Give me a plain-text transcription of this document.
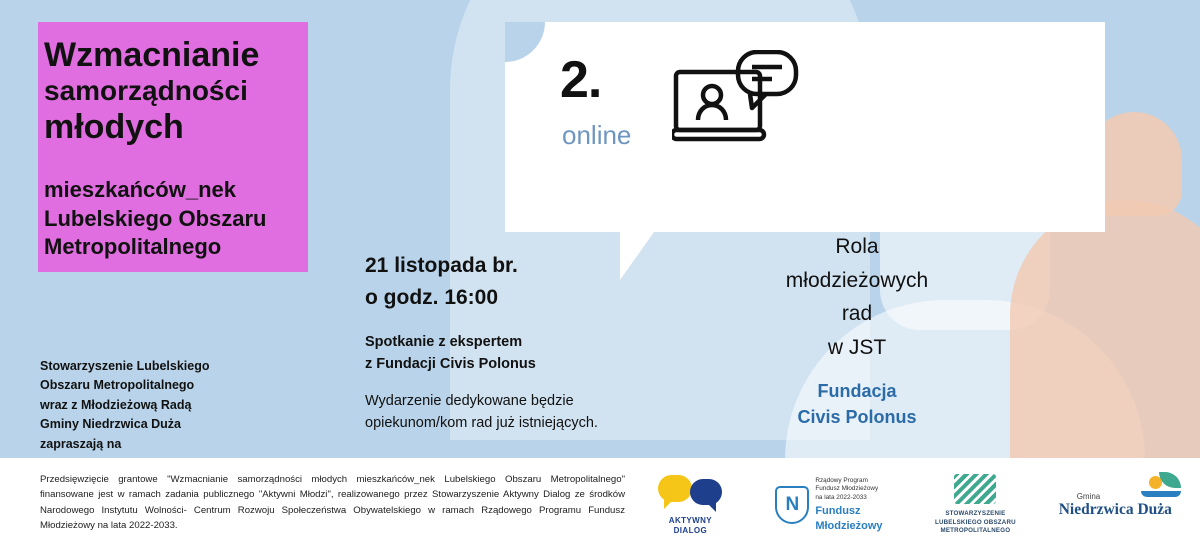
2.
online
Wzmacnianie
samorządności
młodych
mieszkańców_nek
Lubelskiego Obszaru
Metropolitalnego
Stowarzyszenie Lubelskiego
Obszaru Metropolitalnego
wraz z Młodzieżową Radą
Gminy Niedrzwica Duża
zapraszają na
21 listopada br.
o godz. 16:00
Spotkanie z ekspertem
z Fundacji Civis Polonus
Wydarzenie dedykowane będzie
opiekunom/kom rad już istniejących.
Rola
młodzieżowych
rad
w JST
Fundacja
Civis Polonus
Przedsięwzięcie grantowe "Wzmacnianie samorządności młodych mieszkańców_nek Lubelskiego Obszaru Metropolitalnego" finansowane jest w ramach zadania publicznego "Aktywni Młodzi", realizowanego przez Stowarzyszenie Aktywny Dialog ze środków Narodowego Instytutu Wolności- Centrum Rozwoju Społeczeństwa Obywatelskiego w ramach Rządowego Programu Fundusz Młodzieżowy na lata 2022-2033.
AKTYWNY
DIALOG
N
Rządowy Program
Fundusz Młodzieżowy
na lata 2022-2033
Fundusz
Młodzieżowy
STOWARZYSZENIE
LUBELSKIEGO OBSZARU
METROPOLITALNEGO
Gmina
Niedrzwica Duża
